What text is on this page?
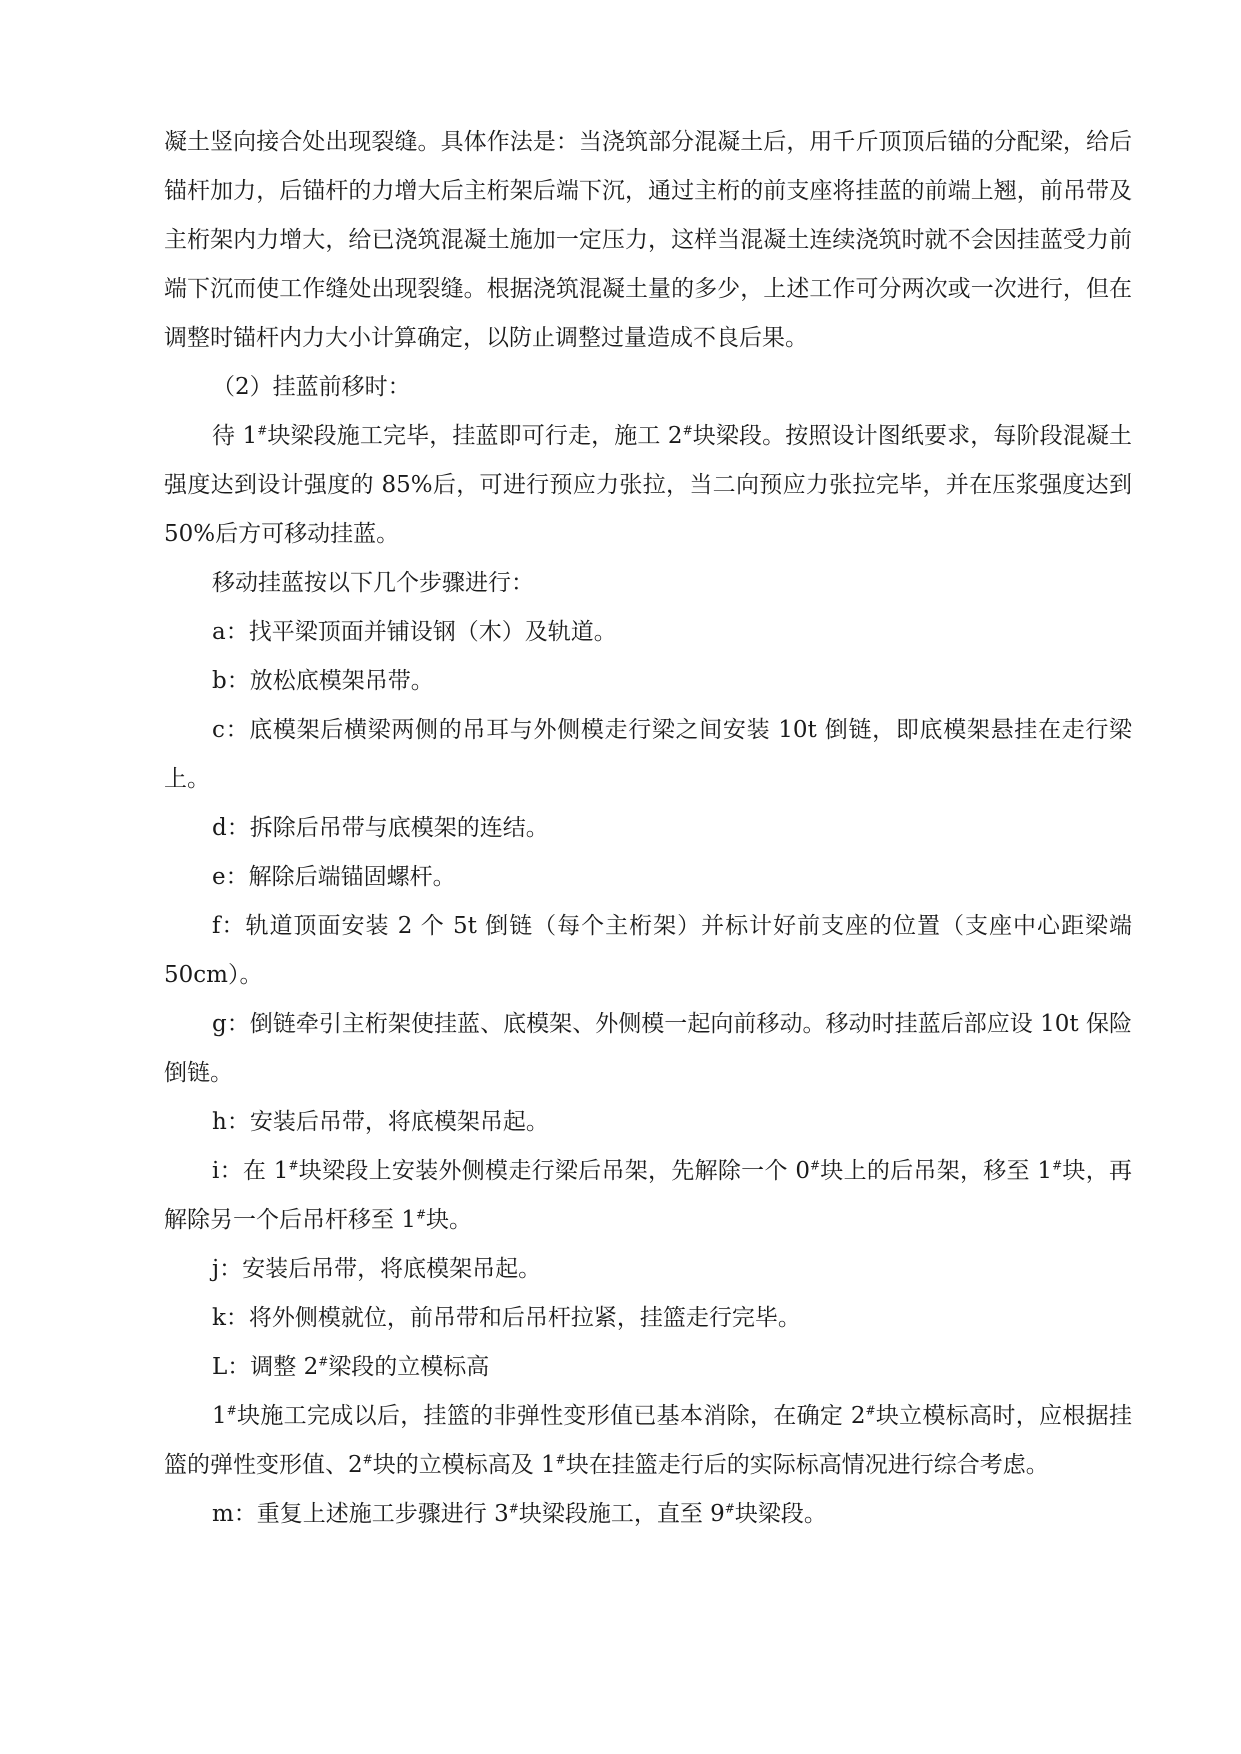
凝土竖向接合处出现裂缝。具体作法是：当浇筑部分混凝土后，用千斤顶顶后锚的分配梁，给后锚杆加力，后锚杆的力增大后主桁架后端下沉，通过主桁的前支座将挂蓝的前端上翘，前吊带及主桁架内力增大，给已浇筑混凝土施加一定压力，这样当混凝土连续浇筑时就不会因挂蓝受力前端下沉而使工作缝处出现裂缝。根据浇筑混凝土量的多少，上述工作可分两次或一次进行，但在调整时锚杆内力大小计算确定，以防止调整过量造成不良后果。

（2）挂蓝前移时：

待 1#块梁段施工完毕，挂蓝即可行走，施工 2#块梁段。按照设计图纸要求，每阶段混凝土强度达到设计强度的 85%后，可进行预应力张拉，当二向预应力张拉完毕，并在压浆强度达到 50%后方可移动挂蓝。

移动挂蓝按以下几个步骤进行：

a：找平梁顶面并铺设钢（木）及轨道。

b：放松底模架吊带。

c：底模架后横梁两侧的吊耳与外侧模走行梁之间安装 10t 倒链，即底模架悬挂在走行梁上。

d：拆除后吊带与底模架的连结。

e：解除后端锚固螺杆。

f：轨道顶面安装 2 个 5t 倒链（每个主桁架）并标计好前支座的位置（支座中心距梁端 50cm）。

g：倒链牵引主桁架使挂蓝、底模架、外侧模一起向前移动。移动时挂蓝后部应设 10t 保险倒链。

h：安装后吊带，将底模架吊起。

i：在 1#块梁段上安装外侧模走行梁后吊架，先解除一个 0#块上的后吊架，移至 1#块，再解除另一个后吊杆移至 1#块。

j：安装后吊带，将底模架吊起。

k：将外侧模就位，前吊带和后吊杆拉紧，挂篮走行完毕。

L：调整 2#梁段的立模标高

1#块施工完成以后，挂篮的非弹性变形值已基本消除，在确定 2#块立模标高时，应根据挂篮的弹性变形值、2#块的立模标高及 1#块在挂篮走行后的实际标高情况进行综合考虑。

m：重复上述施工步骤进行 3#块梁段施工，直至 9#块梁段。
